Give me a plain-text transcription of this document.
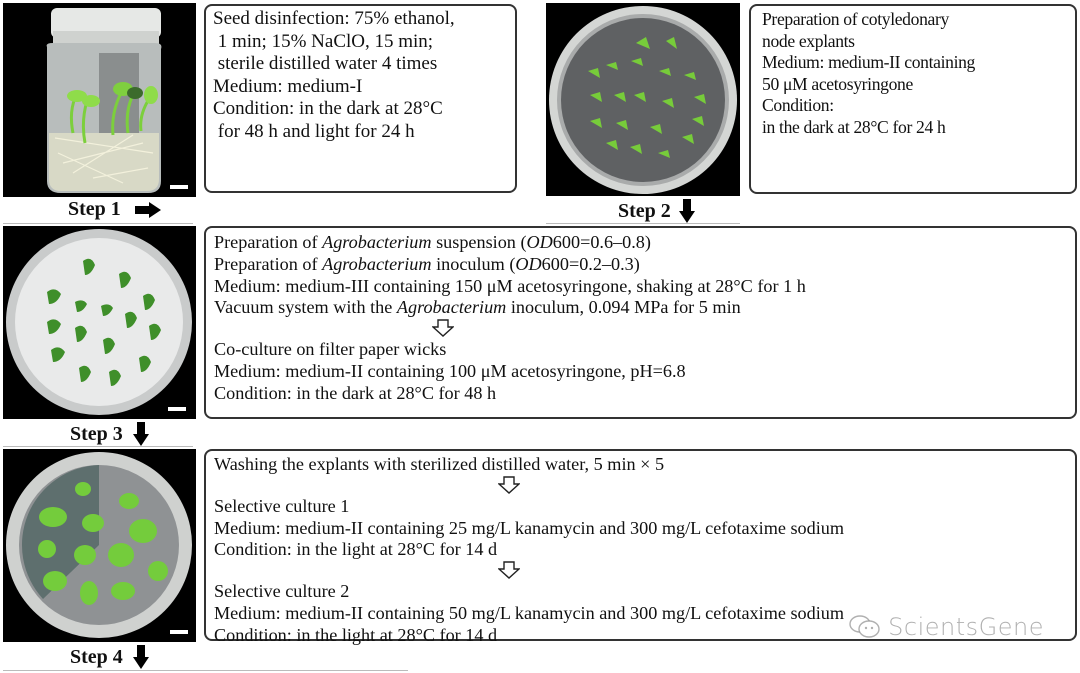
Seed disinfection: 75% ethanol,
1 min; 15% NaClO, 15 min;
sterile distilled water 4 times
Medium: medium-I
Condition: in the dark at 28°C
for 48 h and light for 24 h
Step 1
Preparation of cotyledonary
node explants
Medium: medium-II containing
50 μM acetosyringone
Condition:
in the dark at 28°C for 24 h
Step 2
Preparation of Agrobacterium suspension (OD600=0.6–0.8)
Preparation of Agrobacterium inoculum (OD600=0.2–0.3)
Medium: medium-III containing 150 μM acetosyringone, shaking at 28°C for 1 h
Vacuum system with the Agrobacterium inoculum, 0.094 MPa for 5 min
Co-culture on filter paper wicks
Medium: medium-II containing 100 μM acetosyringone, pH=6.8
Condition: in the dark at 28°C for 48 h
Step 3
Washing the explants with sterilized distilled water, 5 min × 5
Selective culture 1
Medium: medium-II containing 25 mg/L kanamycin and 300 mg/L cefotaxime sodium
Condition: in the light at 28°C for 14 d
Selective culture 2
Medium: medium-II containing 50 mg/L kanamycin and 300 mg/L cefotaxime sodium
Condition: in the light at 28°C for 14 d	ScientsGene
Step 4
